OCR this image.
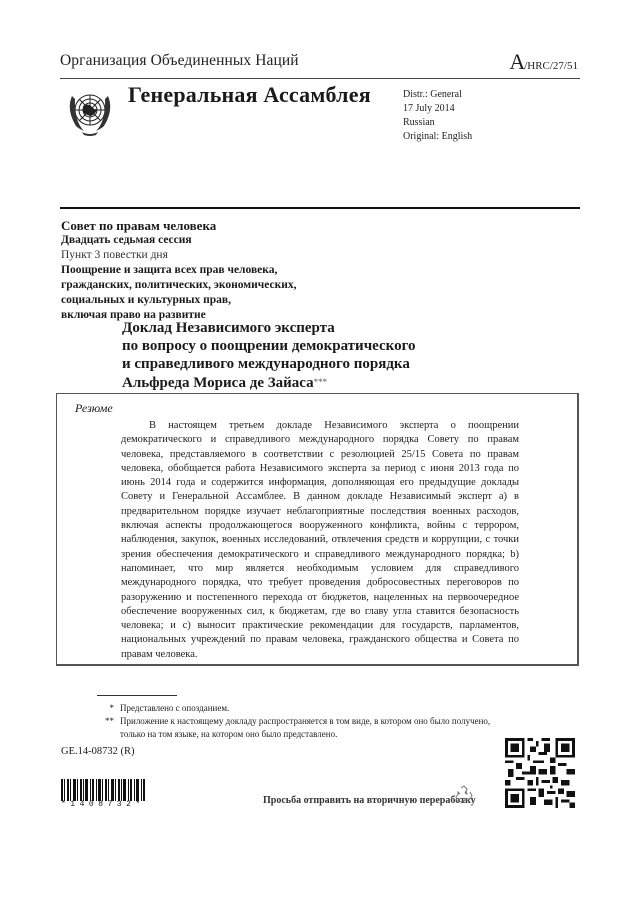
Организация Объединенных Наций	A/HRC/27/51
Генеральная Ассамблея	Distr.: General
17 July 2014
Russian
Original: English
Совет по правам человека
Двадцать седьмая сессия
Пункт 3 повестки дня
Поощрение и защита всех прав человека,
гражданских, политических, экономических,
социальных и культурных прав,
включая право на развитие
Доклад Независимого эксперта
по вопросу о поощрении демократического
и справедливого международного порядка
Альфреда Мориса де Зайаса***
Резюме

В настоящем третьем докладе Независимого эксперта о поощрении демократического и справедливого международного порядка Совету по правам человека, представляемого в соответствии с резолюцией 25/15 Совета по правам человека, обобщается работа Независимого эксперта за период с июня 2013 года по июнь 2014 года и содержится информация, дополняющая его предыдущие доклады Совету и Генеральной Ассамблее. В данном докладе Независимый эксперт a) в предварительном порядке изучает неблагоприятные последствия военных расходов, включая аспекты продолжающегося вооруженного конфликта, войны с террором, наблюдения, закупок, военных исследований, отвлечения средств и коррупции, с точки зрения обеспечения демократического и справедливого международного порядка; b) напоминает, что мир является необходимым условием для справедливого международного порядка, что требует проведения добросовестных переговоров по разоружению и постепенного перехода от бюджетов, нацеленных на первоочередное обеспечение вооруженных сил, к бюджетам, где во главу угла ставится безопасность человека; и c) выносит практические рекомендации для государств, парламентов, национальных учреждений по правам человека, гражданского общества и Совета по правам человека.

* Представлено с опозданием.
** Приложение к настоящему докладу распространяется в том виде, в котором оно было получено, только на том языке, на котором оно было представлено.
GE.14-08732 (R)
*1408732*	Просьба отправить на вторичную переработку
